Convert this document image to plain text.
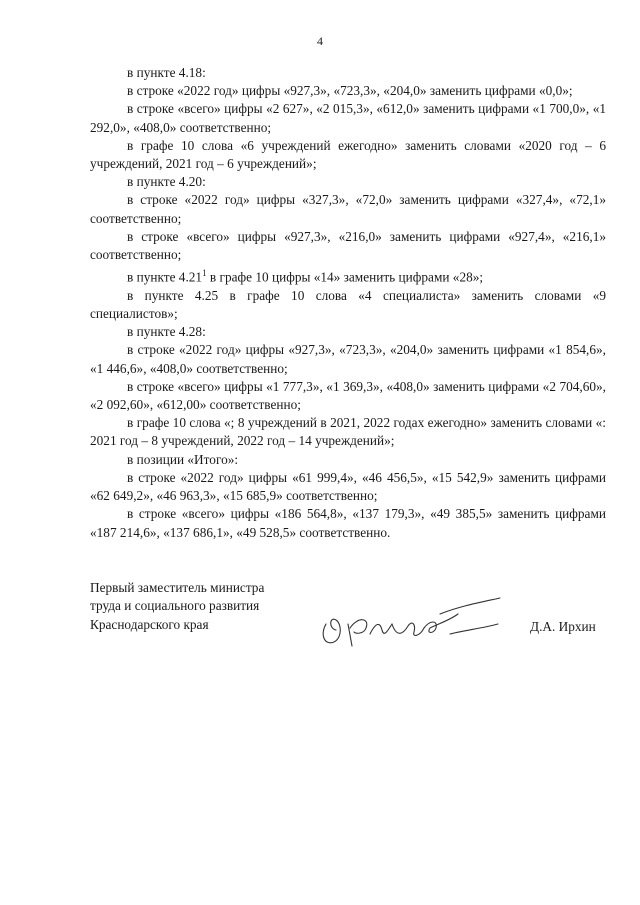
4

в пункте 4.18:

в строке «2022 год» цифры «927,3», «723,3», «204,0» заменить цифрами «0,0»;

в строке «всего» цифры «2 627», «2 015,3», «612,0» заменить цифрами «1 700,0», «1 292,0», «408,0» соответственно;

в графе 10 слова «6 учреждений ежегодно» заменить словами «2020 год – 6 учреждений, 2021 год – 6 учреждений»;

в пункте 4.20:

в строке «2022 год» цифры «327,3», «72,0» заменить цифрами «327,4», «72,1» соответственно;

в строке «всего» цифры «927,3», «216,0» заменить цифрами «927,4», «216,1» соответственно;

в пункте 4.21$^1$ в графе 10 цифры «14» заменить цифрами «28»;

в пункте 4.25 в графе 10 слова «4 специалиста» заменить словами «9 специалистов»;

в пункте 4.28:

в строке «2022 год» цифры «927,3», «723,3», «204,0» заменить цифрами «1 854,6», «1 446,6», «408,0» соответственно;

в строке «всего» цифры «1 777,3», «1 369,3», «408,0» заменить цифрами «2 704,60», «2 092,60», «612,00» соответственно;

в графе 10 слова «; 8 учреждений в 2021, 2022 годах ежегодно» заменить словами «: 2021 год – 8 учреждений, 2022 год – 14 учреждений»;

в позиции «Итого»:

в строке «2022 год» цифры «61 999,4», «46 456,5», «15 542,9» заменить цифрами «62 649,2», «46 963,3», «15 685,9» соответственно;

в строке «всего» цифры «186 564,8», «137 179,3», «49 385,5» заменить цифрами «187 214,6», «137 686,1», «49 528,5» соответственно.

Первый заместитель министра
труда и социального развития
Краснодарского края	Д.А. Ирхин
